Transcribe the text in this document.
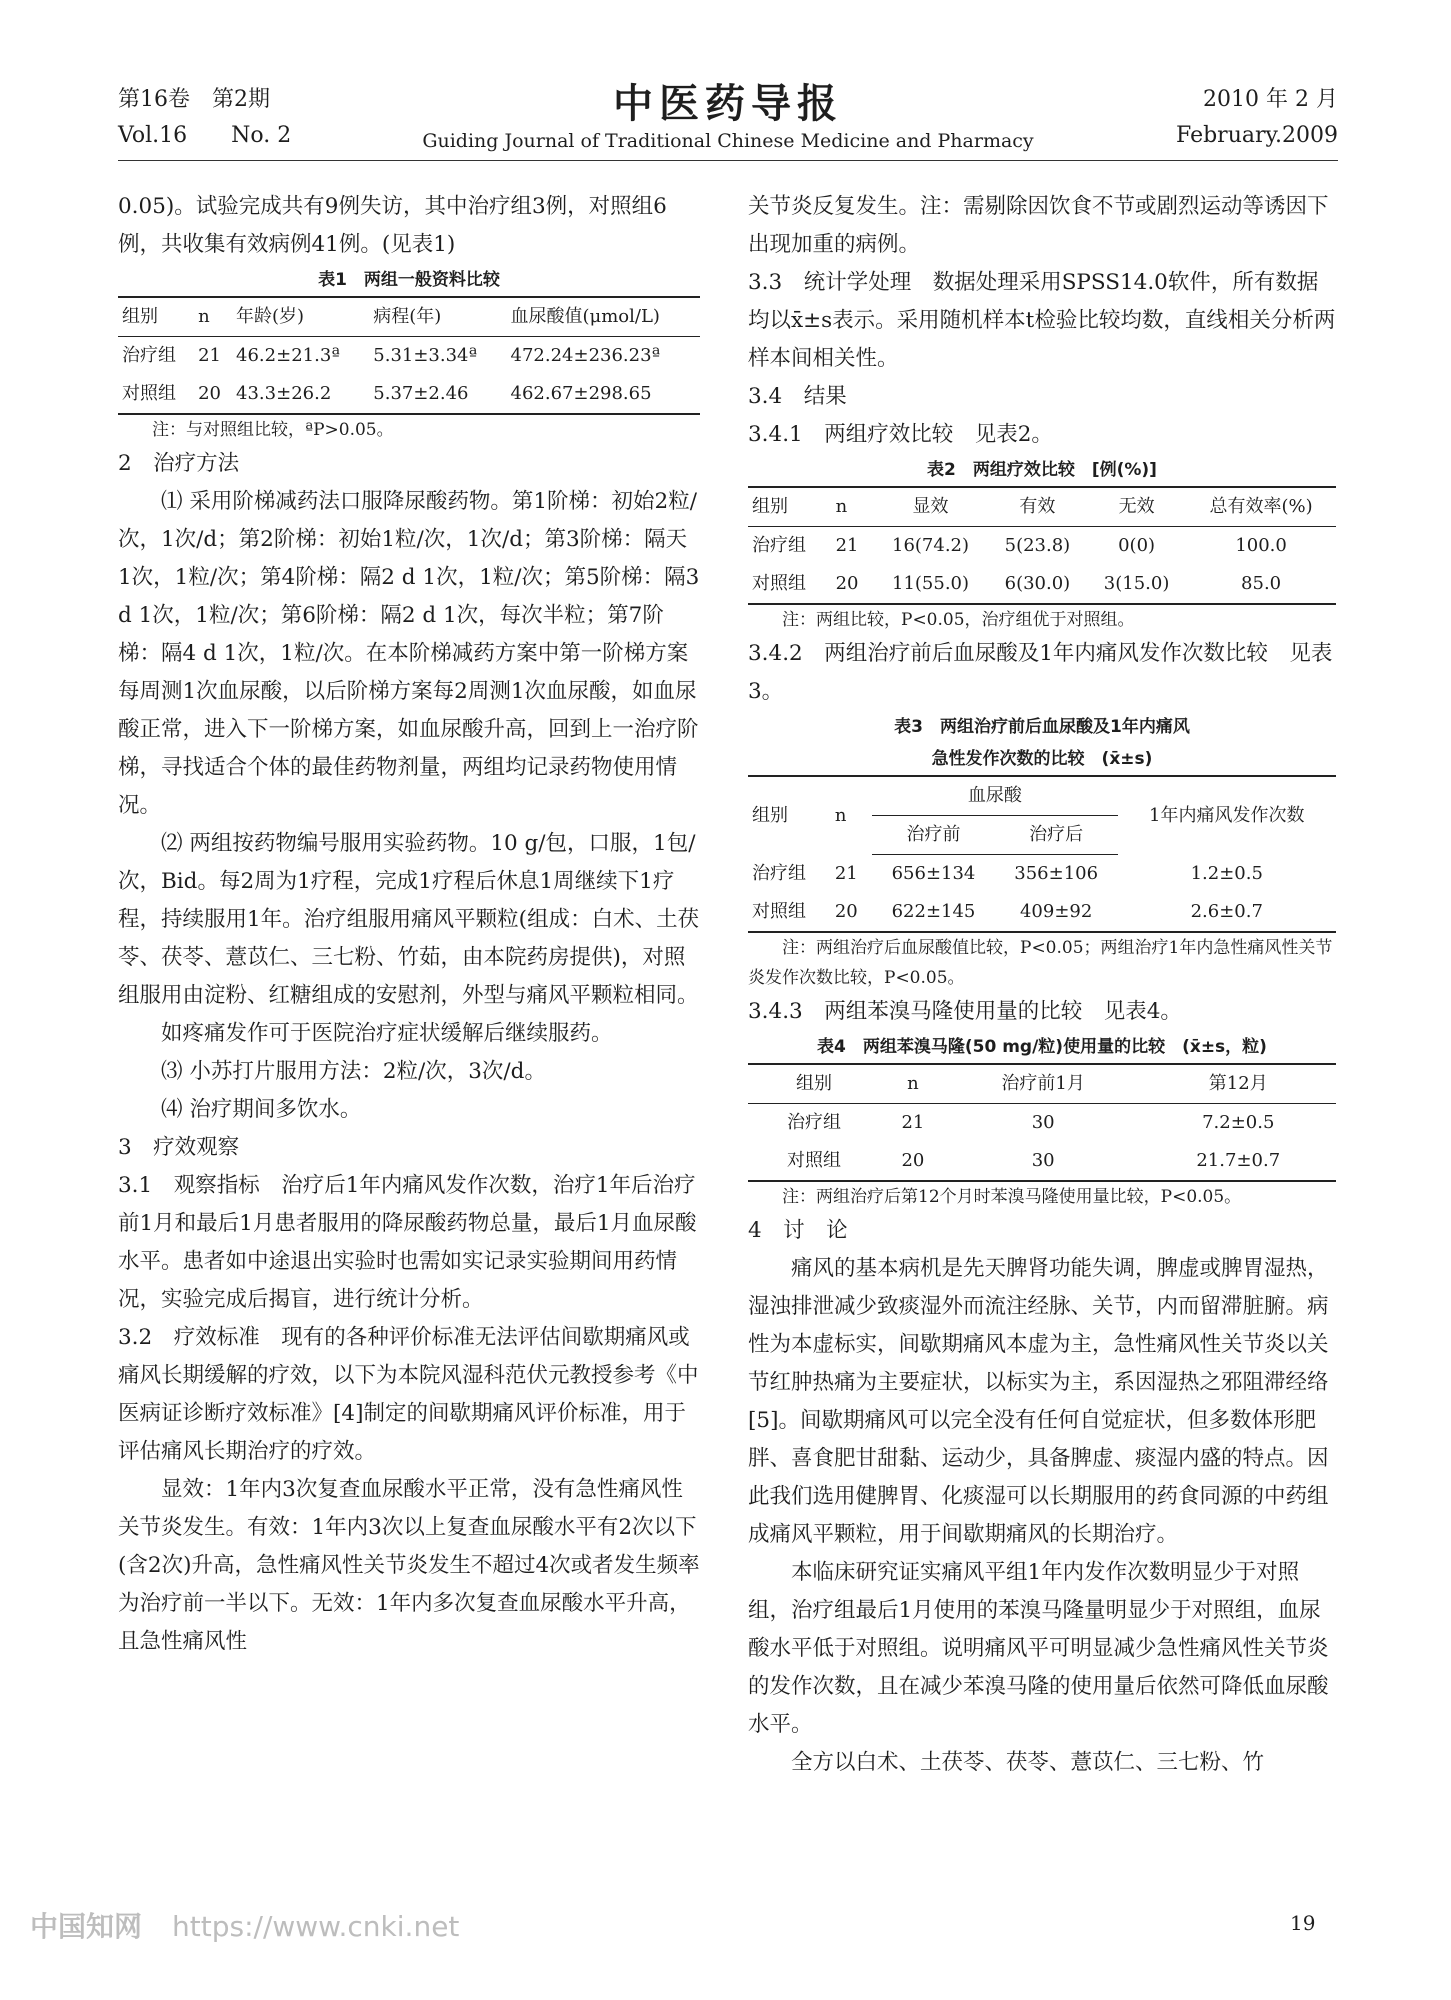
第16卷　第2期
Vol.16　　No. 2
中医药导报
Guiding Journal of Traditional Chinese Medicine and Pharmacy
2010 年 2 月
February.2009

0.05)。试验完成共有9例失访，其中治疗组3例，对照组6例，共收集有效病例41例。(见表1)

表1　两组一般资料比较
组别	n	年龄(岁)	病程(年)	血尿酸值(μmol/L)
治疗组	21	46.2±21.3ª	5.31±3.34ª	472.24±236.23ª
对照组	20	43.3±26.2	5.37±2.46	462.67±298.65
注：与对照组比较，ªP>0.05。

2　治疗方法

⑴ 采用阶梯减药法口服降尿酸药物。第1阶梯：初始2粒/次，1次/d；第2阶梯：初始1粒/次，1次/d；第3阶梯：隔天1次，1粒/次；第4阶梯：隔2 d 1次，1粒/次；第5阶梯：隔3 d 1次，1粒/次；第6阶梯：隔2 d 1次，每次半粒；第7阶梯：隔4 d 1次，1粒/次。在本阶梯减药方案中第一阶梯方案每周测1次血尿酸，以后阶梯方案每2周测1次血尿酸，如血尿酸正常，进入下一阶梯方案，如血尿酸升高，回到上一治疗阶梯，寻找适合个体的最佳药物剂量，两组均记录药物使用情况。

⑵ 两组按药物编号服用实验药物。10 g/包，口服，1包/次，Bid。每2周为1疗程，完成1疗程后休息1周继续下1疗程，持续服用1年。治疗组服用痛风平颗粒(组成：白术、土茯苓、茯苓、薏苡仁、三七粉、竹茹，由本院药房提供)，对照组服用由淀粉、红糖组成的安慰剂，外型与痛风平颗粒相同。

如疼痛发作可于医院治疗症状缓解后继续服药。

⑶ 小苏打片服用方法：2粒/次，3次/d。

⑷ 治疗期间多饮水。

3　疗效观察

3.1　观察指标　治疗后1年内痛风发作次数，治疗1年后治疗前1月和最后1月患者服用的降尿酸药物总量，最后1月血尿酸水平。患者如中途退出实验时也需如实记录实验期间用药情况，实验完成后揭盲，进行统计分析。

3.2　疗效标准　现有的各种评价标准无法评估间歇期痛风或痛风长期缓解的疗效，以下为本院风湿科范伏元教授参考《中医病证诊断疗效标准》[4]制定的间歇期痛风评价标准，用于评估痛风长期治疗的疗效。

显效：1年内3次复查血尿酸水平正常，没有急性痛风性关节炎发生。有效：1年内3次以上复查血尿酸水平有2次以下(含2次)升高，急性痛风性关节炎发生不超过4次或者发生频率为治疗前一半以下。无效：1年内多次复查血尿酸水平升高，且急性痛风性

关节炎反复发生。注：需剔除因饮食不节或剧烈运动等诱因下出现加重的病例。

3.3　统计学处理　数据处理采用SPSS14.0软件，所有数据均以x̄±s表示。采用随机样本t检验比较均数，直线相关分析两样本间相关性。

3.4　结果

3.4.1　两组疗效比较　见表2。

表2　两组疗效比较　[例(%)]
组别	n	显效	有效	无效	总有效率(%)
治疗组	21	16(74.2)	5(23.8)	0(0)	100.0
对照组	20	11(55.0)	6(30.0)	3(15.0)	85.0
注：两组比较，P<0.05，治疗组优于对照组。

3.4.2　两组治疗前后血尿酸及1年内痛风发作次数比较　见表3。

表3　两组治疗前后血尿酸及1年内痛风
急性发作次数的比较　(x̄±s)
组别	n	血尿酸		1年内痛风发作次数
		治疗前	治疗后	
治疗组	21	656±134	356±106	1.2±0.5
对照组	20	622±145	409±92	2.6±0.7
注：两组治疗后血尿酸值比较，P<0.05；两组治疗1年内急性痛风性关节炎发作次数比较，P<0.05。

3.4.3　两组苯溴马隆使用量的比较　见表4。

表4　两组苯溴马隆(50 mg/粒)使用量的比较　(x̄±s，粒)
组别	n	治疗前1月	第12月
治疗组	21	30	7.2±0.5
对照组	20	30	21.7±0.7
注：两组治疗后第12个月时苯溴马隆使用量比较，P<0.05。

4　讨　论

痛风的基本病机是先天脾肾功能失调，脾虚或脾胃湿热，湿浊排泄减少致痰湿外而流注经脉、关节，内而留滞脏腑。病性为本虚标实，间歇期痛风本虚为主，急性痛风性关节炎以关节红肿热痛为主要症状，以标实为主，系因湿热之邪阻滞经络[5]。间歇期痛风可以完全没有任何自觉症状，但多数体形肥胖、喜食肥甘甜黏、运动少，具备脾虚、痰湿内盛的特点。因此我们选用健脾胃、化痰湿可以长期服用的药食同源的中药组成痛风平颗粒，用于间歇期痛风的长期治疗。

本临床研究证实痛风平组1年内发作次数明显少于对照组，治疗组最后1月使用的苯溴马隆量明显少于对照组，血尿酸水平低于对照组。说明痛风平可明显减少急性痛风性关节炎的发作次数，且在减少苯溴马隆的使用量后依然可降低血尿酸水平。

全方以白术、土茯苓、茯苓、薏苡仁、三七粉、竹

中国知网 https://www.cnki.net	19
